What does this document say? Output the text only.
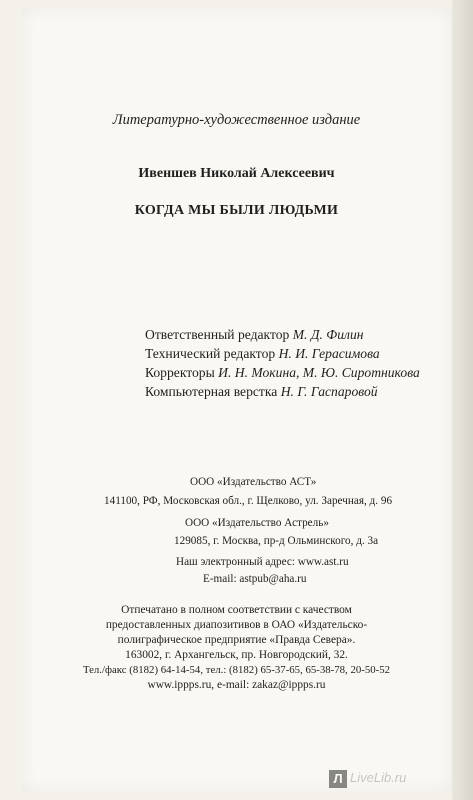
Литературно-художественное издание
Ивеншев Николай Алексеевич
КОГДА МЫ БЫЛИ ЛЮДЬМИ
Ответственный редактор М. Д. Филин
Технический редактор Н. И. Герасимова
Корректоры И. Н. Мокина, М. Ю. Сиротникова
Компьютерная верстка Н. Г. Гаспаровой
ООО «Издательство АСТ»
141100, РФ, Московская обл., г. Щелково, ул. Заречная, д. 96
ООО «Издательство Астрель»
129085, г. Москва, пр-д Ольминского, д. 3а
Наш электронный адрес: www.ast.ru
E-mail: astpub@aha.ru
Отпечатано в полном соответствии с качеством
предоставленных диапозитивов в ОАО «Издательско-
полиграфическое предприятие «Правда Севера».
163002, г. Архангельск, пр. Новгородский, 32.
Тел./факс (8182) 64-14-54, тел.: (8182) 65-37-65, 65-38-78, 20-50-52
www.ippps.ru, e-mail: zakaz@ippps.ru
Л LiveLib.ru
